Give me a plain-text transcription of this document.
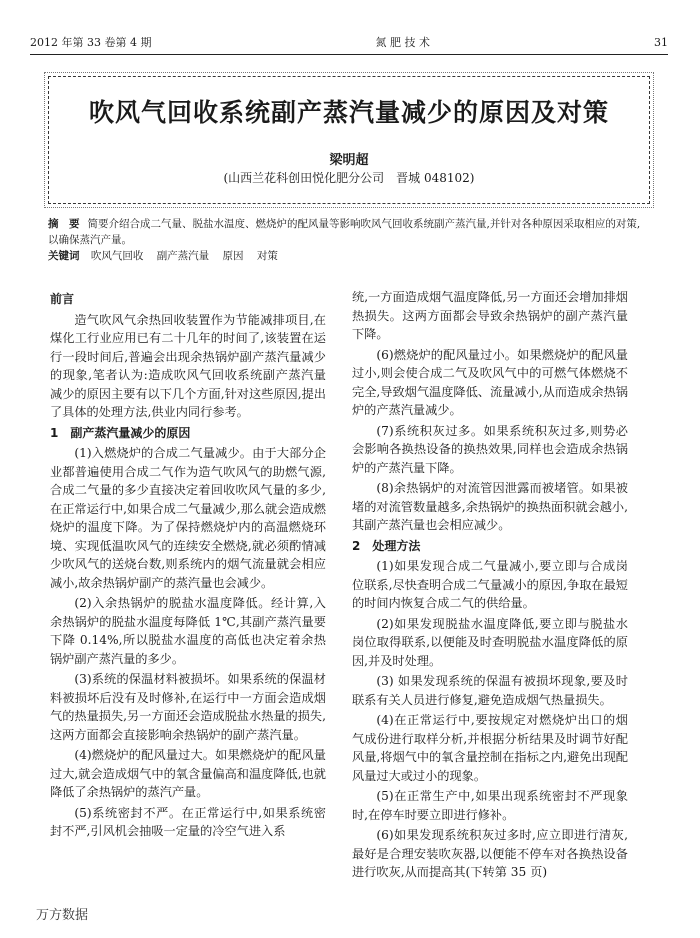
2012 年第 33 卷第 4 期	氮 肥 技 术	31
吹风气回收系统副产蒸汽量减少的原因及对策
梁明超
(山西兰花科创田悦化肥分公司　晋城 048102)
摘　要 简要介绍合成二气量、脱盐水温度、燃烧炉的配风量等影响吹风气回收系统副产蒸汽量,并针对各种原因采取相应的对策,以确保蒸汽产量。
关键词 吹风气回收 副产蒸汽量 原因 对策
前言

造气吹风气余热回收装置作为节能减排项目,在煤化工行业应用已有二十几年的时间了,该装置在运行一段时间后,普遍会出现余热锅炉副产蒸汽量减少的现象,笔者认为:造成吹风气回收系统副产蒸汽量减少的原因主要有以下几个方面,针对这些原因,提出了具体的处理方法,供业内同行参考。

1　副产蒸汽量减少的原因

(1)入燃烧炉的合成二气量减少。由于大部分企业都普遍使用合成二气作为造气吹风气的助燃气源,合成二气量的多少直接决定着回收吹风气量的多少,在正常运行中,如果合成二气量减少,那么就会造成燃烧炉的温度下降。为了保持燃烧炉内的高温燃烧环境、实现低温吹风气的连续安全燃烧,就必须酌情减少吹风气的送烧台数,则系统内的烟气流量就会相应减小,故余热锅炉副产的蒸汽量也会减少。

(2)入余热锅炉的脱盐水温度降低。经计算,入余热锅炉的脱盐水温度每降低 1℃,其副产蒸汽量要下降 0.14%,所以脱盐水温度的高低也决定着余热锅炉副产蒸汽量的多少。

(3)系统的保温材料被损坏。如果系统的保温材料被损坏后没有及时修补,在运行中一方面会造成烟气的热量损失,另一方面还会造成脱盐水热量的损失,这两方面都会直接影响余热锅炉的副产蒸汽量。

(4)燃烧炉的配风量过大。如果燃烧炉的配风量过大,就会造成烟气中的氧含量偏高和温度降低,也就降低了余热锅炉的蒸汽产量。

(5)系统密封不严。在正常运行中,如果系统密封不严,引风机会抽吸一定量的冷空气进入系

统,一方面造成烟气温度降低,另一方面还会增加排烟热损失。这两方面都会导致余热锅炉的副产蒸汽量下降。

(6)燃烧炉的配风量过小。如果燃烧炉的配风量过小,则会使合成二气及吹风气中的可燃气体燃烧不完全,导致烟气温度降低、流量减小,从而造成余热锅炉的产蒸汽量减少。

(7)系统积灰过多。如果系统积灰过多,则势必会影响各换热设备的换热效果,同样也会造成余热锅炉的产蒸汽量下降。

(8)余热锅炉的对流管因泄露而被堵管。如果被堵的对流管数量越多,余热锅炉的换热面积就会越小,其副产蒸汽量也会相应减少。

2　处理方法

(1)如果发现合成二气量减小,要立即与合成岗位联系,尽快查明合成二气量减小的原因,争取在最短的时间内恢复合成二气的供给量。

(2)如果发现脱盐水温度降低,要立即与脱盐水岗位取得联系,以便能及时查明脱盐水温度降低的原因,并及时处理。

(3) 如果发现系统的保温有被损坏现象,要及时联系有关人员进行修复,避免造成烟气热量损失。

(4)在正常运行中,要按规定对燃烧炉出口的烟气成份进行取样分析,并根据分析结果及时调节好配风量,将烟气中的氧含量控制在指标之内,避免出现配风量过大或过小的现象。

(5)在正常生产中,如果出现系统密封不严现象时,在停车时要立即进行修补。

(6)如果发现系统积灰过多时,应立即进行清灰,最好是合理安装吹灰器,以便能不停车对各换热设备进行吹灰,从而提高其(下转第 35 页)

万方数据
